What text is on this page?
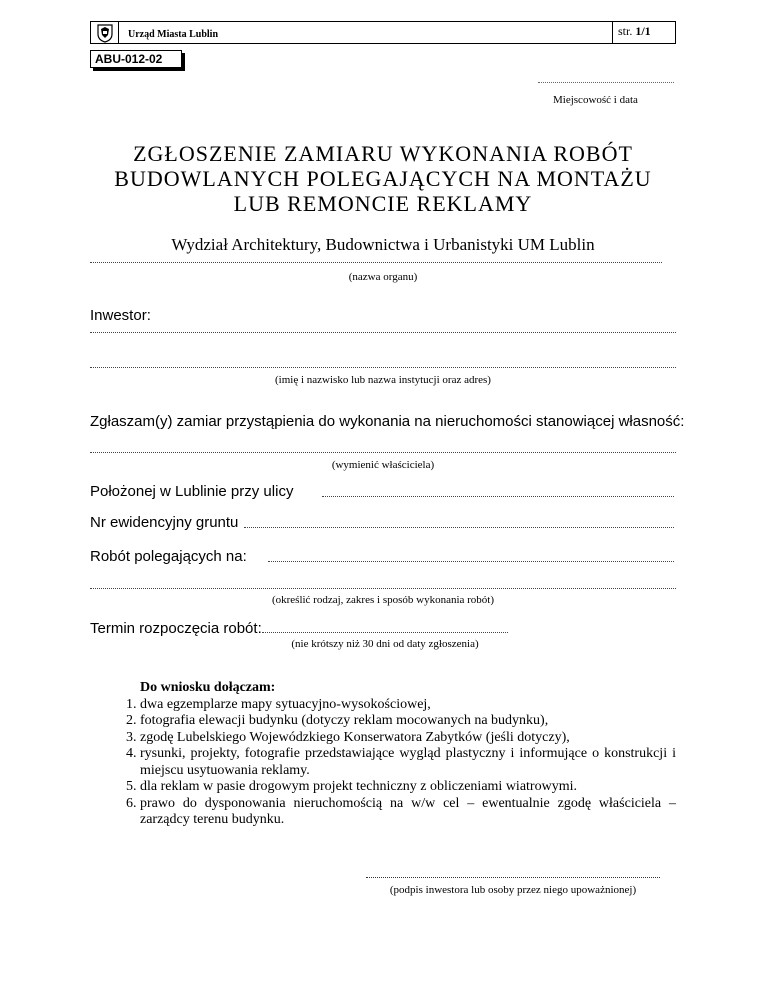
Urząd Miasta Lublin	str. 1/1
ABU-012-02
Miejscowość i data
ZGŁOSZENIE ZAMIARU WYKONANIA ROBÓT
BUDOWLANYCH POLEGAJĄCYCH NA MONTAŻU
LUB REMONCIE REKLAMY
Wydział Architektury, Budownictwa i Urbanistyki UM Lublin
(nazwa organu)
Inwestor:
(imię i nazwisko lub nazwa instytucji oraz adres)
Zgłaszam(y) zamiar przystąpienia do wykonania na nieruchomości stanowiącej własność:
(wymienić właściciela)
Położonej w Lublinie przy ulicy
Nr ewidencyjny gruntu
Robót polegających na:
(określić rodzaj, zakres i sposób wykonania robót)
Termin rozpoczęcia robót:
(nie krótszy niż 30 dni od daty zgłoszenia)
Do wniosku dołączam:
1. dwa egzemplarze mapy sytuacyjno-wysokościowej,
2. fotografia elewacji budynku (dotyczy reklam mocowanych na budynku),
3. zgodę Lubelskiego Wojewódzkiego Konserwatora Zabytków (jeśli dotyczy),
4. rysunki, projekty, fotografie przedstawiające wygląd plastyczny i informujące o konstrukcji i miejscu usytuowania reklamy.
5. dla reklam w pasie drogowym projekt techniczny z obliczeniami wiatrowymi.
6. prawo do dysponowania nieruchomością na w/w cel – ewentualnie zgodę właściciela – zarządcy terenu budynku.
(podpis inwestora lub osoby przez niego upoważnionej)
